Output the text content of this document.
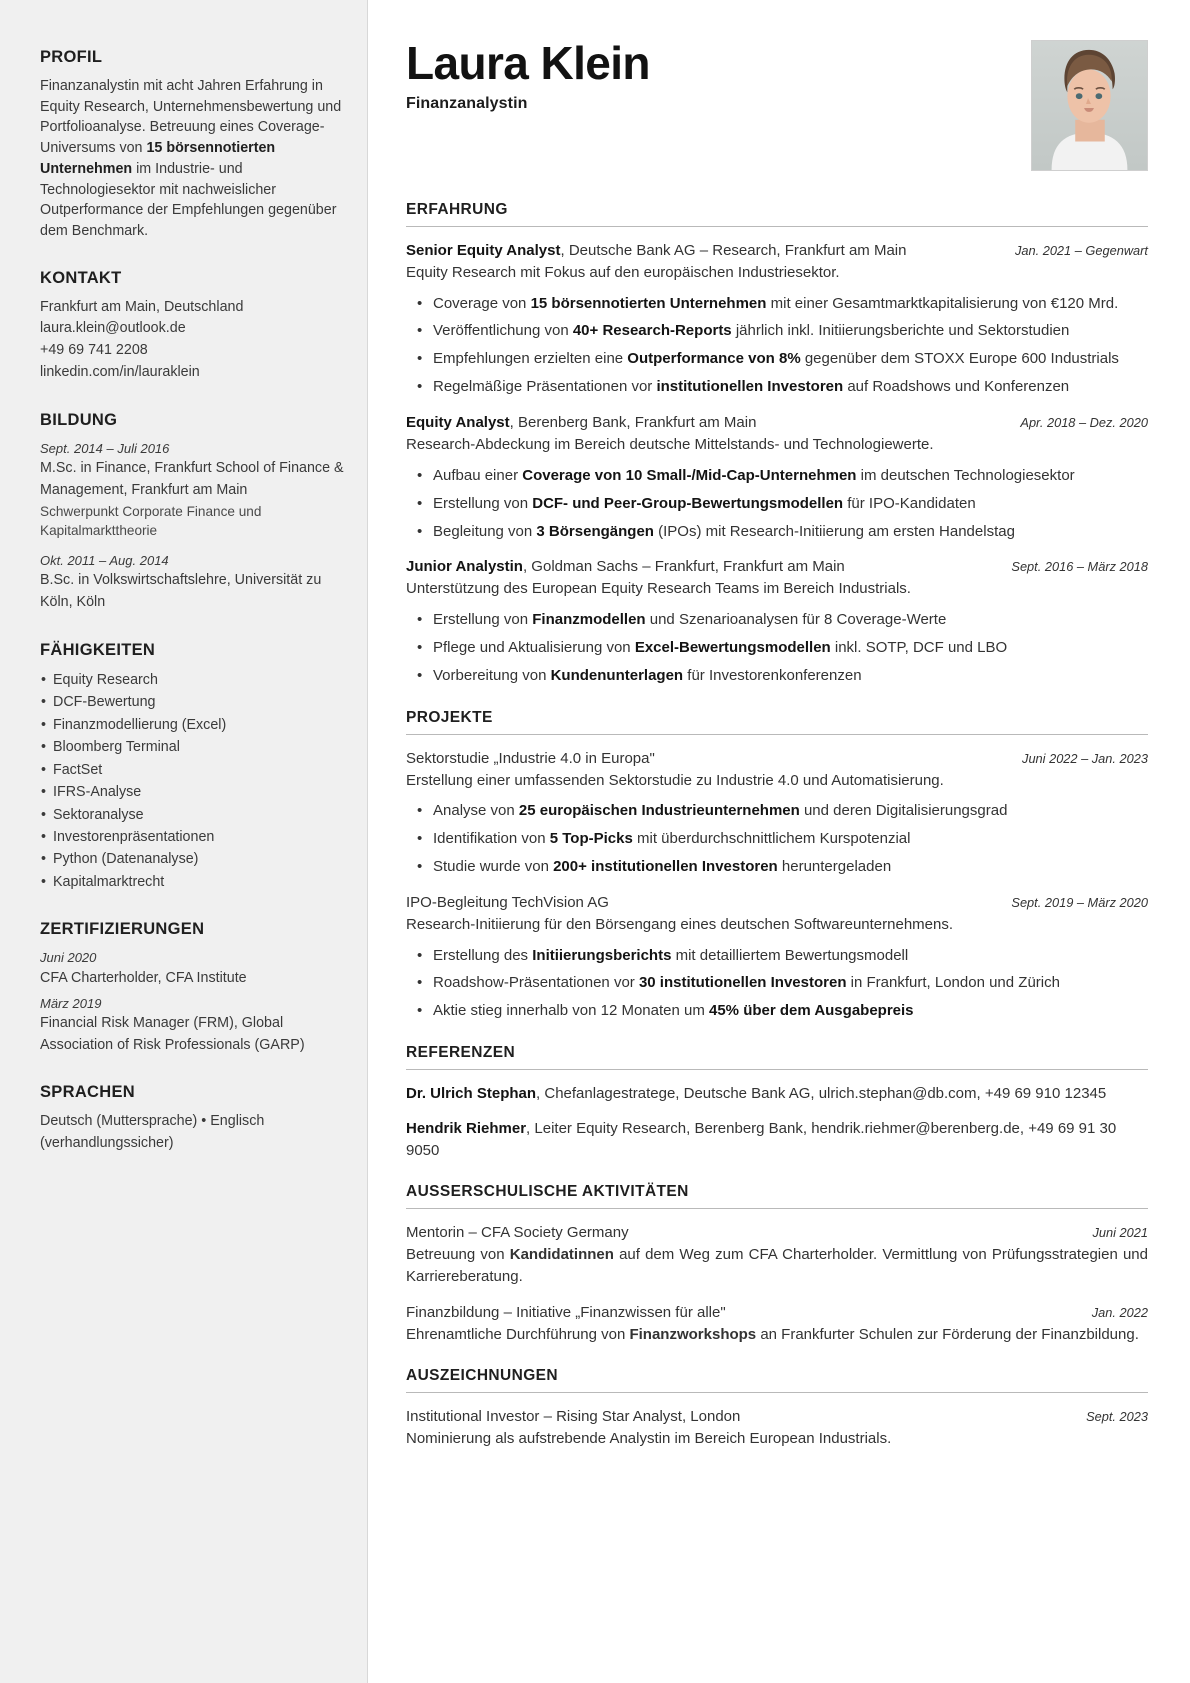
PROFIL
Finanzanalystin mit acht Jahren Erfahrung in Equity Research, Unternehmensbewertung und Portfolioanalyse. Betreuung eines Coverage-Universums von 15 börsennotierten Unternehmen im Industrie- und Technologiesektor mit nachweislicher Outperformance der Empfehlungen gegenüber dem Benchmark.
KONTAKT
Frankfurt am Main, Deutschland
laura.klein@outlook.de
+49 69 741 2208
linkedin.com/in/lauraklein
BILDUNG
Sept. 2014 – Juli 2016
M.Sc. in Finance, Frankfurt School of Finance & Management, Frankfurt am Main
Schwerpunkt Corporate Finance und Kapitalmarkttheorie
Okt. 2011 – Aug. 2014
B.Sc. in Volkswirtschaftslehre, Universität zu Köln, Köln
FÄHIGKEITEN
• Equity Research
• DCF-Bewertung
• Finanzmodellierung (Excel)
• Bloomberg Terminal
• FactSet
• IFRS-Analyse
• Sektoranalyse
• Investorenpräsentationen
• Python (Datenanalyse)
• Kapitalmarktrecht
ZERTIFIZIERUNGEN
Juni 2020
CFA Charterholder, CFA Institute
März 2019
Financial Risk Manager (FRM), Global Association of Risk Professionals (GARP)
SPRACHEN
Deutsch (Muttersprache) • Englisch (verhandlungssicher)
Laura Klein
Finanzanalystin
ERFAHRUNG
Senior Equity Analyst, Deutsche Bank AG – Research, Frankfurt am Main	Jan. 2021 – Gegenwart
Equity Research mit Fokus auf den europäischen Industriesektor.
• Coverage von 15 börsennotierten Unternehmen mit einer Gesamtmarktkapitalisierung von €120 Mrd.
• Veröffentlichung von 40+ Research-Reports jährlich inkl. Initiierungsberichte und Sektorstudien
• Empfehlungen erzielten eine Outperformance von 8% gegenüber dem STOXX Europe 600 Industrials
• Regelmäßige Präsentationen vor institutionellen Investoren auf Roadshows und Konferenzen
Equity Analyst, Berenberg Bank, Frankfurt am Main	Apr. 2018 – Dez. 2020
Research-Abdeckung im Bereich deutsche Mittelstands- und Technologiewerte.
• Aufbau einer Coverage von 10 Small-/Mid-Cap-Unternehmen im deutschen Technologiesektor
• Erstellung von DCF- und Peer-Group-Bewertungsmodellen für IPO-Kandidaten
• Begleitung von 3 Börsengängen (IPOs) mit Research-Initiierung am ersten Handelstag
Junior Analystin, Goldman Sachs – Frankfurt, Frankfurt am Main	Sept. 2016 – März 2018
Unterstützung des European Equity Research Teams im Bereich Industrials.
• Erstellung von Finanzmodellen und Szenarioanalysen für 8 Coverage-Werte
• Pflege und Aktualisierung von Excel-Bewertungsmodellen inkl. SOTP, DCF und LBO
• Vorbereitung von Kundenunterlagen für Investorenkonferenzen
PROJEKTE
Sektorstudie „Industrie 4.0 in Europa"	Juni 2022 – Jan. 2023
Erstellung einer umfassenden Sektorstudie zu Industrie 4.0 und Automatisierung.
• Analyse von 25 europäischen Industrieunternehmen und deren Digitalisierungsgrad
• Identifikation von 5 Top-Picks mit überdurchschnittlichem Kurspotenzial
• Studie wurde von 200+ institutionellen Investoren heruntergeladen
IPO-Begleitung TechVision AG	Sept. 2019 – März 2020
Research-Initiierung für den Börsengang eines deutschen Softwareunternehmens.
• Erstellung des Initiierungsberichts mit detailliertem Bewertungsmodell
• Roadshow-Präsentationen vor 30 institutionellen Investoren in Frankfurt, London und Zürich
• Aktie stieg innerhalb von 12 Monaten um 45% über dem Ausgabepreis
REFERENZEN
Dr. Ulrich Stephan, Chefanlagestratege, Deutsche Bank AG, ulrich.stephan@db.com, +49 69 910 12345
Hendrik Riehmer, Leiter Equity Research, Berenberg Bank, hendrik.riehmer@berenberg.de, +49 69 91 30 9050
AUSSERSCHULISCHE AKTIVITÄTEN
Mentorin – CFA Society Germany	Juni 2021
Betreuung von Kandidatinnen auf dem Weg zum CFA Charterholder. Vermittlung von Prüfungsstrategien und Karriereberatung.
Finanzbildung – Initiative „Finanzwissen für alle"	Jan. 2022
Ehrenamtliche Durchführung von Finanzworkshops an Frankfurter Schulen zur Förderung der Finanzbildung.
AUSZEICHNUNGEN
Institutional Investor – Rising Star Analyst, London	Sept. 2023
Nominierung als aufstrebende Analystin im Bereich European Industrials.
